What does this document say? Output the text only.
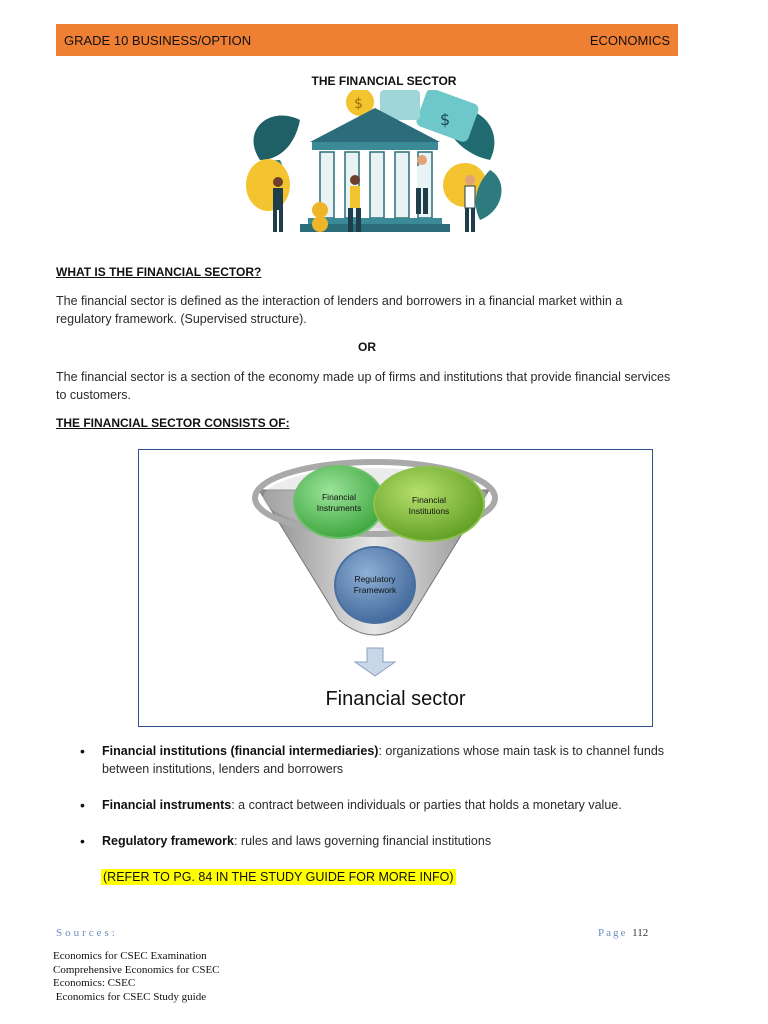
GRADE 10 BUSINESS/OPTION	ECONOMICS
THE FINANCIAL SECTOR
$
$
WHAT IS THE FINANCIAL SECTOR?
The financial sector is defined as the interaction of lenders and borrowers in a financial market within a regulatory framework. (Supervised structure).
OR
The financial sector is a section of the economy made up of firms and institutions that provide financial services to customers.
THE FINANCIAL SECTOR CONSISTS OF:
Financial Instruments
Financial Institutions
Regulatory Framework
Financial sector
• Financial institutions (financial intermediaries): organizations whose main task is to channel funds between institutions, lenders and borrowers
• Financial instruments: a contract between individuals or parties that holds a monetary value.
• Regulatory framework: rules and laws governing financial institutions
(REFER TO PG. 84 IN THE STUDY GUIDE FOR MORE INFO)
Sources:	Page 112
Economics for CSEC Examination
Comprehensive Economics for CSEC
Economics: CSEC
Economics for CSEC Study guide
